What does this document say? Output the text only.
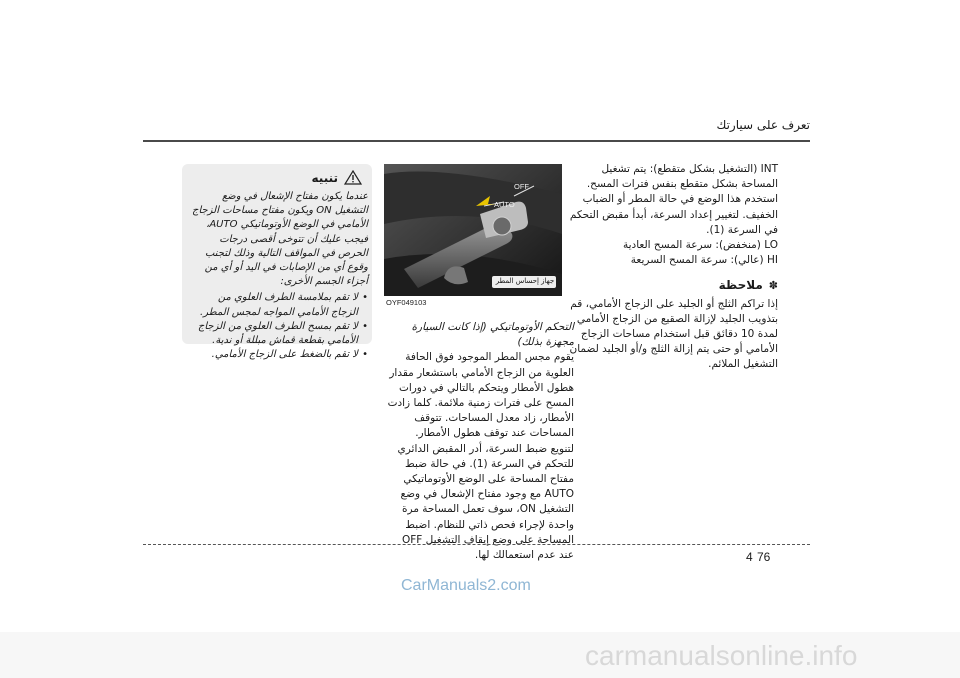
تعرف على سيارتك

INT (التشغيل بشكل متقطع): يتم تشغيل المساحة بشكل متقطع بنفس فترات المسح. استخدم هذا الوضع في حالة المطر أو الضباب الخفيف. لتغيير إعداد السرعة، أبدأ مقبض التحكم في السرعة (1).

LO (منخفض): سرعة المسح العادية

HI (عالي): سرعة المسح السريعة

✽
ملاحظة

إذا تراكم الثلج أو الجليد على الزجاج الأمامي، قم بتذويب الجليد لإزالة الصقيع من الزجاج الأمامي لمدة 10 دقائق قبل استخدام مساحات الزجاج الأمامي أو حتى يتم إزالة الثلج و/أو الجليد لضمان التشغيل الملائم.

OFF
AUTO
جهاز إحساس المطر
OYF049103

التحكم الأوتوماتيكي (إذا كانت السيارة مجهزة بذلك)

يقوم مجس المطر الموجود فوق الحافة العلوية من الزجاج الأمامي باستشعار مقدار هطول الأمطار ويتحكم بالتالي في دورات المسح على فترات زمنية ملائمة. كلما زادت الأمطار، زاد معدل المساحات. تتوقف المساحات عند توقف هطول الأمطار.

لتنويع ضبط السرعة، أدر المقبض الدائري للتحكم في السرعة (1). في حالة ضبط مفتاح المساحة على الوضع الأوتوماتيكي AUTO مع وجود مفتاح الإشعال في وضع التشغيل ON، سوف تعمل المساحة مرة واحدة لإجراء فحص ذاتي للنظام. اضبط المساحة على وضع إيقاف التشغيل OFF عند عدم استعمالك لها.

تنبيه

عندما يكون مفتاح الإشعال في وضع التشغيل ON ويكون مفتاح مساحات الزجاج الأمامي في الوضع الأوتوماتيكي AUTO، فيجب عليك أن تتوخى أقصى درجات الحرص في المواقف التالية وذلك لتجنب وقوع أي من الإصابات في اليد أو أي من أجزاء الجسم الأخرى:

• لا تقم بملامسة الطرف العلوي من الزجاج الأمامي المواجه لمجس المطر.
• لا تقم بمسح الطرف العلوي من الزجاج الأمامي بقطعة قماش مبللة أو ندية.
• لا تقم بالضغط على الزجاج الأمامي.
76
4
CarManuals2.com
carmanualsonline.info
